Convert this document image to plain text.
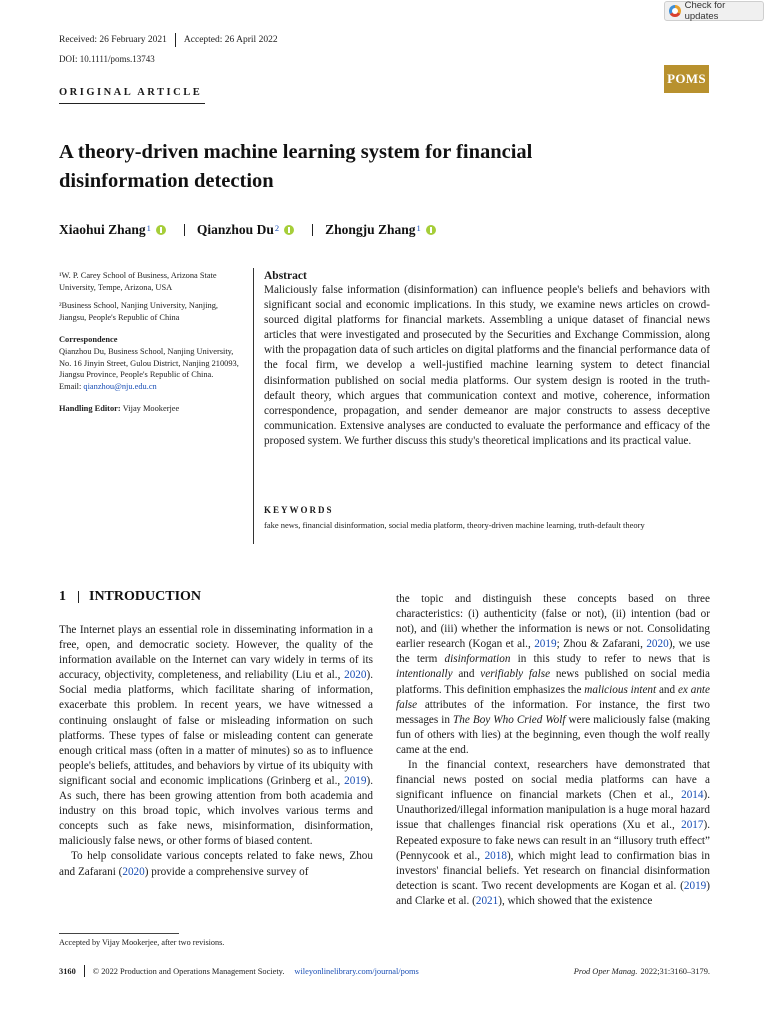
Check for updates
Received: 26 February 2021 Accepted: 26 April 2022
DOI: 10.1111/poms.13743
POMS
ORIGINAL ARTICLE
A theory-driven machine learning system for financial disinformation detection
Xiaohui Zhang$^1$	Qianzhou Du$^2$	Zhongju Zhang$^1$

¹W. P. Carey School of Business, Arizona State University, Tempe, Arizona, USA

²Business School, Nanjing University, Nanjing, Jiangsu, People's Republic of China

Correspondence
Qianzhou Du, Business School, Nanjing University, No. 16 Jinyin Street, Gulou District, Nanjing 210093, Jiangsu Province, People's Republic of China.
Email: qianzhou@nju.edu.cn

Handling Editor: Vijay Mookerjee

Abstract

Maliciously false information (disinformation) can influence people's beliefs and behaviors with significant social and economic implications. In this study, we examine news articles on crowd-sourced digital platforms for financial markets. Assembling a unique dataset of financial news articles that were investigated and prosecuted by the Securities and Exchange Commission, along with the propagation data of such articles on digital platforms and the financial performance data of the focal firm, we develop a well-justified machine learning system to detect financial disinformation published on social media platforms. Our system design is rooted in the truth-default theory, which argues that communication context and motive, coherence, information correspondence, propagation, and sender demeanor are major constructs to assess deceptive communication. Extensive analyses are conducted to evaluate the performance and efficacy of the proposed system. We further discuss this study's theoretical implications and its practical value.

KEYWORDS
fake news, financial disinformation, social media platform, theory-driven machine learning, truth-default theory
1 INTRODUCTION

The Internet plays an essential role in disseminating information in a free, open, and democratic society. However, the quality of the information available on the Internet can vary widely in terms of its accuracy, objectivity, completeness, and reliability (Liu et al., 2020). Social media platforms, which facilitate sharing of information, exacerbate this problem. In recent years, we have witnessed a continuing onslaught of false or misleading information on such platforms. These types of false or misleading content can generate enough critical mass (often in a matter of minutes) so as to influence people's beliefs, attitudes, and behaviors by virtue of its ubiquity with significant social and economic implications (Grinberg et al., 2019). As such, there has been growing attention from both academia and industry on this broad topic, which involves various terms and concepts such as fake news, misinformation, disinformation, maliciously false news, or other forms of biased content.

To help consolidate various concepts related to fake news, Zhou and Zafarani (2020) provide a comprehensive survey of

the topic and distinguish these concepts based on three characteristics: (i) authenticity (false or not), (ii) intention (bad or not), and (iii) whether the information is news or not. Consolidating earlier research (Kogan et al., 2019; Zhou & Zafarani, 2020), we use the term disinformation in this study to refer to news that is intentionally and verifiably false news published on social media platforms. This definition emphasizes the malicious intent and ex ante false attributes of the information. For instance, the first two messages in The Boy Who Cried Wolf were maliciously false (making fun of others with lies) at the beginning, even though the wolf really came at the end.

In the financial context, researchers have demonstrated that financial news posted on social media platforms can have a significant influence on financial markets (Chen et al., 2014). Unauthorized/illegal information manipulation is a huge moral hazard issue that challenges financial risk operations (Xu et al., 2017). Repeated exposure to fake news can result in an “illusory truth effect” (Pennycook et al., 2018), which might lead to confirmation bias in investors' financial beliefs. Yet research on financial disinformation detection is scant. Two recent developments are Kogan et al. (2019) and Clarke et al. (2021), which showed that the existence

Accepted by Vijay Mookerjee, after two revisions.
3160 © 2022 Production and Operations Management Society. wileyonlinelibrary.com/journal/poms	Prod Oper Manag. 2022;31:3160–3179.
